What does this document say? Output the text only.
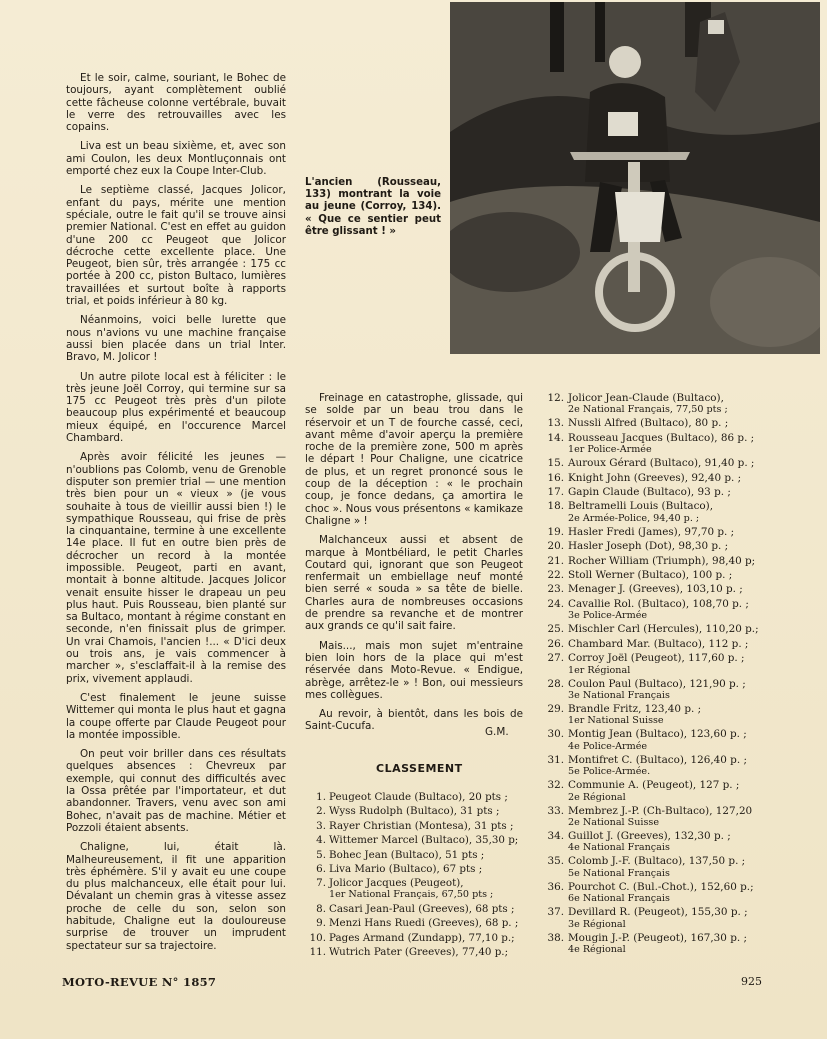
Et le soir, calme, souriant, le Bohec de toujours, ayant complètement oublié cette fâcheuse colonne vertébrale, buvait le verre des retrouvailles avec les copains.

Liva est un beau sixième, et, avec son ami Coulon, les deux Montluçonnais ont emporté chez eux la Coupe Inter-Club.

Le septième classé, Jacques Jolicor, enfant du pays, mérite une mention spéciale, outre le fait qu'il se trouve ainsi premier National. C'est en effet au guidon d'une 200 cc Peugeot que Jolicor décroche cette excellente place. Une Peugeot, bien sûr, très arrangée : 175 cc portée à 200 cc, piston Bultaco, lumières travaillées et surtout boîte à rapports trial, et poids inférieur à 80 kg.

Néanmoins, voici belle lurette que nous n'avions vu une machine française aussi bien placée dans un trial Inter. Bravo, M. Jolicor !

Un autre pilote local est à féliciter : le très jeune Joël Corroy, qui termine sur sa 175 cc Peugeot très près d'un pilote beaucoup plus expérimenté et beaucoup mieux équipé, en l'occurence Marcel Chambard.

Après avoir félicité les jeunes — n'oublions pas Colomb, venu de Grenoble disputer son premier trial — une mention très bien pour un « vieux » (je vous souhaite à tous de vieillir aussi bien !) le sympathique Rousseau, qui frise de près la cinquantaine, termine à une excellente 14e place. Il fut en outre bien près de décrocher un record à la montée impossible. Peugeot, parti en avant, montait à bonne altitude. Jacques Jolicor venait ensuite hisser le drapeau un peu plus haut. Puis Rousseau, bien planté sur sa Bultaco, montant à régime constant en seconde, n'en finissait plus de grimper. Un vrai Chamois, l'ancien !... « D'ici deux ou trois ans, je vais commencer à marcher », s'esclaffait-il à la remise des prix, vivement applaudi.

C'est finalement le jeune suisse Wittemer qui monta le plus haut et gagna la coupe offerte par Claude Peugeot pour la montée impossible.

On peut voir briller dans ces résultats quelques absences : Chevreux par exemple, qui connut des difficultés avec la Ossa prêtée par l'importateur, et dut abandonner. Travers, venu avec son ami Bohec, n'avait pas de machine. Métier et Pozzoli étaient absents.

Chaligne, lui, était là. Malheureusement, il fit une apparition très éphémère. S'il y avait eu une coupe du plus malchanceux, elle était pour lui. Dévalant un chemin gras à vitesse assez proche de celle du son, selon son habitude, Chaligne eut la douloureuse surprise de trouver un imprudent spectateur sur sa trajectoire.

L'ancien (Rousseau, 133) montrant la voie au jeune (Corroy, 134). « Que ce sentier peut être glissant ! »

Freinage en catastrophe, glissade, qui se solde par un beau trou dans le réservoir et un T de fourche cassé, ceci, avant même d'avoir aperçu la première roche de la première zone, 500 m après le départ ! Pour Chaligne, une cicatrice de plus, et un regret prononcé sous le coup de la déception : « le prochain coup, je fonce dedans, ça amortira le choc ». Nous vous présentons « kamikaze Chaligne » !

Malchanceux aussi et absent de marque à Montbéliard, le petit Charles Coutard qui, ignorant que son Peugeot renfermait un embiellage neuf monté bien serré « souda » sa tête de bielle. Charles aura de nombreuses occasions de prendre sa revanche et de montrer aux grands ce qu'il sait faire.

Mais..., mais mon sujet m'entraine bien loin hors de la place qui m'est réservée dans Moto-Revue. « Endigue, abrège, arrêtez-le » ! Bon, oui messieurs mes collègues.

Au revoir, à bientôt, dans les bois de Saint-Cucufa.	G.M.
CLASSEMENT
1. Peugeot Claude (Bultaco), 20 pts ;
2. Wyss Rudolph (Bultaco), 31 pts ;
3. Rayer Christian (Montesa), 31 pts ;
4. Wittemer Marcel (Bultaco), 35,30 p;
5. Bohec Jean (Bultaco), 51 pts ;
6. Liva Mario (Bultaco), 67 pts ;
7. Jolicor Jacques (Peugeot),
1er National Français, 67,50 pts ;
8. Casari Jean-Paul (Greeves), 68 pts ;
9. Menzi Hans Ruedi (Greeves), 68 p. ;
10. Pages Armand (Zundapp), 77,10 p.;
11. Wutrich Pater (Greeves), 77,40 p.;
12. Jolicor Jean-Claude (Bultaco),
2e National Français, 77,50 pts ;
13. Nussli Alfred (Bultaco), 80 p. ;
14. Rousseau Jacques (Bultaco), 86 p. ;
1er Police-Armée
15. Auroux Gérard (Bultaco), 91,40 p. ;
16. Knight John (Greeves), 92,40 p. ;
17. Gapin Claude (Bultaco), 93 p. ;
18. Beltramelli Louis (Bultaco),
2e Armée-Police, 94,40 p. ;
19. Hasler Fredi (James), 97,70 p. ;
20. Hasler Joseph (Dot), 98,30 p. ;
21. Rocher William (Triumph), 98,40 p;
22. Stoll Werner (Bultaco), 100 p. ;
23. Menager J. (Greeves), 103,10 p. ;
24. Cavallie Rol. (Bultaco), 108,70 p. ;
3e Police-Armée
25. Mischler Carl (Hercules), 110,20 p.;
26. Chambard Mar. (Bultaco), 112 p. ;
27. Corroy Joël (Peugeot), 117,60 p. ;
1er Régional
28. Coulon Paul (Bultaco), 121,90 p. ;
3e National Français
29. Brandle Fritz, 123,40 p. ;
1er National Suisse
30. Montig Jean (Bultaco), 123,60 p. ;
4e Police-Armée
31. Montifret C. (Bultaco), 126,40 p. ;
5e Police-Armée.
32. Communie A. (Peugeot), 127 p. ;
2e Régional
33. Membrez J.-P. (Ch-Bultaco), 127,20
2e National Suisse
34. Guillot J. (Greeves), 132,30 p. ;
4e National Français
35. Colomb J.-F. (Bultaco), 137,50 p. ;
5e National Français
36. Pourchot C. (Bul.-Chot.), 152,60 p.;
6e National Français
37. Devillard R. (Peugeot), 155,30 p. ;
3e Régional
38. Mougin J.-P. (Peugeot), 167,30 p. ;
4e Régional
MOTO-REVUE N° 1857	925
